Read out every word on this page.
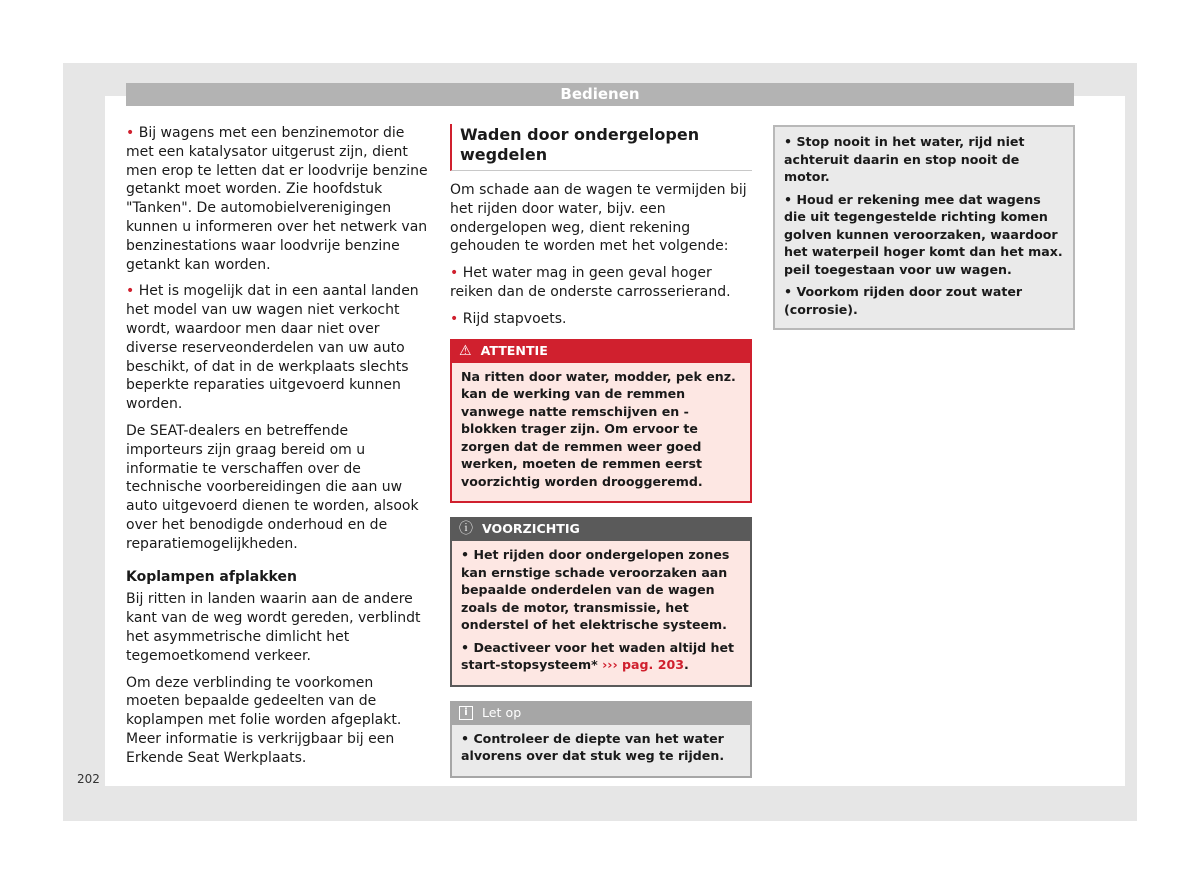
Bedienen

• Bij wagens met een benzinemotor die met een katalysator uitgerust zijn, dient men erop te letten dat er loodvrije benzine getankt moet worden. Zie hoofdstuk "Tanken". De automobielverenigingen kunnen u informeren over het netwerk van benzinestations waar loodvrije benzine getankt kan worden.

• Het is mogelijk dat in een aantal landen het model van uw wagen niet verkocht wordt, waardoor men daar niet over diverse reserveonderdelen van uw auto beschikt, of dat in de werkplaats slechts beperkte reparaties uitgevoerd kunnen worden.

De SEAT-dealers en betreffende importeurs zijn graag bereid om u informatie te verschaffen over de technische voorbereidingen die aan uw auto uitgevoerd dienen te worden, alsook over het benodigde onderhoud en de reparatiemogelijkheden.

Koplampen afplakken

Bij ritten in landen waarin aan de andere kant van de weg wordt gereden, verblindt het asymmetrische dimlicht het tegemoetkomend verkeer.

Om deze verblinding te voorkomen moeten bepaalde gedeelten van de koplampen met folie worden afgeplakt. Meer informatie is verkrijgbaar bij een Erkende Seat Werkplaats.

Waden door ondergelopen wegdelen

Om schade aan de wagen te vermijden bij het rijden door water, bijv. een ondergelopen weg, dient rekening gehouden te worden met het volgende:

• Het water mag in geen geval hoger reiken dan de onderste carrosserierand.

• Rijd stapvoets.

⚠ ATTENTIE

Na ritten door water, modder, pek enz. kan de werking van de remmen vanwege natte remschijven en -blokken trager zijn. Om ervoor te zorgen dat de remmen weer goed werken, moeten de remmen eerst voorzichtig worden drooggeremd.

ⓘ VOORZICHTIG

• Het rijden door ondergelopen zones kan ernstige schade veroorzaken aan bepaalde onderdelen van de wagen zoals de motor, transmissie, het onderstel of het elektrische systeem.

• Deactiveer voor het waden altijd het start-stopsysteem* ››› pag. 203.

i	Let op

• Controleer de diepte van het water alvorens over dat stuk weg te rijden.

• Stop nooit in het water, rijd niet achteruit daarin en stop nooit de motor.

• Houd er rekening mee dat wagens die uit tegengestelde richting komen golven kunnen veroorzaken, waardoor het waterpeil hoger komt dan het max. peil toegestaan voor uw wagen.

• Voorkom rijden door zout water (corrosie).

202
